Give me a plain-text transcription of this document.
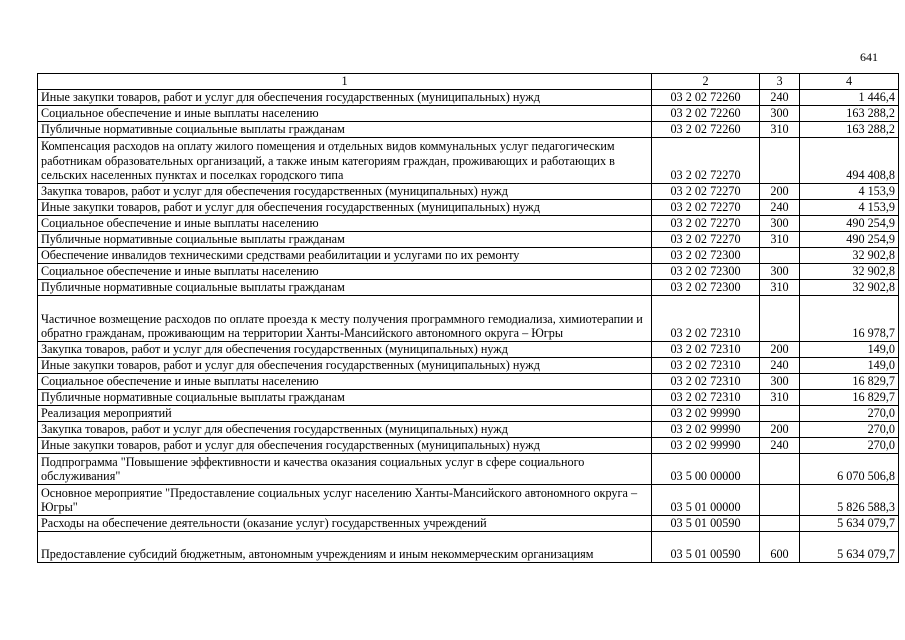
641
1	2	3	4
Иные закупки товаров, работ и услуг для обеспечения государственных (муниципальных) нужд	03 2 02 72260	240	1 446,4
Социальное обеспечение и иные выплаты населению	03 2 02 72260	300	163 288,2
Публичные нормативные социальные выплаты гражданам	03 2 02 72260	310	163 288,2
Компенсация расходов на оплату жилого помещения и отдельных видов коммунальных услуг педагогическим работникам образовательных организаций, а также иным категориям граждан, проживающих и работающих в сельских населенных пунктах и поселках городского типа	03 2 02 72270		494 408,8
Закупка товаров, работ и услуг для обеспечения государственных (муниципальных) нужд	03 2 02 72270	200	4 153,9
Иные закупки товаров, работ и услуг для обеспечения государственных (муниципальных) нужд	03 2 02 72270	240	4 153,9
Социальное обеспечение и иные выплаты населению	03 2 02 72270	300	490 254,9
Публичные нормативные социальные выплаты гражданам	03 2 02 72270	310	490 254,9
Обеспечение инвалидов техническими средствами реабилитации и услугами по их ремонту	03 2 02 72300		32 902,8
Социальное обеспечение и иные выплаты населению	03 2 02 72300	300	32 902,8
Публичные нормативные социальные выплаты гражданам	03 2 02 72300	310	32 902,8
Частичное возмещение расходов по оплате проезда к месту получения программного гемодиализа, химиотерапии и обратно гражданам, проживающим на территории Ханты-Мансийского автономного округа – Югры	03 2 02 72310		16 978,7
Закупка товаров, работ и услуг для обеспечения государственных (муниципальных) нужд	03 2 02 72310	200	149,0
Иные закупки товаров, работ и услуг для обеспечения государственных (муниципальных) нужд	03 2 02 72310	240	149,0
Социальное обеспечение и иные выплаты населению	03 2 02 72310	300	16 829,7
Публичные нормативные социальные выплаты гражданам	03 2 02 72310	310	16 829,7
Реализация мероприятий	03 2 02 99990		270,0
Закупка товаров, работ и услуг для обеспечения государственных (муниципальных) нужд	03 2 02 99990	200	270,0
Иные закупки товаров, работ и услуг для обеспечения государственных (муниципальных) нужд	03 2 02 99990	240	270,0
Подпрограмма "Повышение эффективности и качества оказания социальных услуг в сфере социального обслуживания"	03 5 00 00000		6 070 506,8
Основное мероприятие "Предоставление социальных услуг населению Ханты-Мансийского автономного округа – Югры"	03 5 01 00000		5 826 588,3
Расходы на обеспечение деятельности (оказание услуг) государственных учреждений	03 5 01 00590		5 634 079,7
Предоставление субсидий бюджетным, автономным учреждениям и иным некоммерческим организациям	03 5 01 00590	600	5 634 079,7
